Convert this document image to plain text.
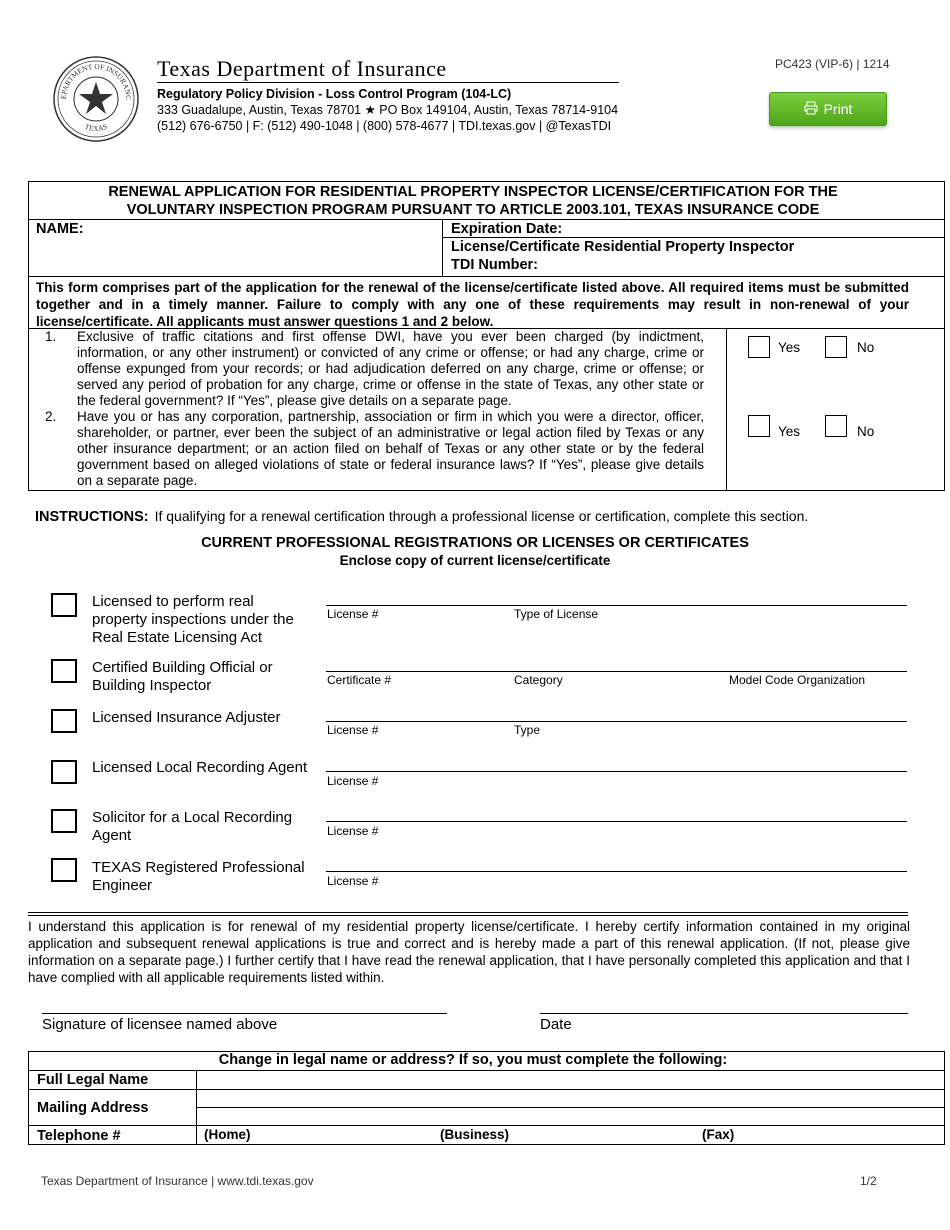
EPARTMENT OF INSURANC
TEXAS
Texas Department of Insurance
Regulatory Policy Division - Loss Control Program (104-LC)
333 Guadalupe, Austin, Texas 78701 ★ PO Box 149104, Austin, Texas 78714-9104
(512) 676-6750 | F: (512) 490-1048 | (800) 578-4677 | TDI.texas.gov | @TexasTDI
PC423 (VIP-6) | 1214
Print
RENEWAL APPLICATION FOR RESIDENTIAL PROPERTY INSPECTOR LICENSE/CERTIFICATION FOR THE
VOLUNTARY INSPECTION PROGRAM PURSUANT TO ARTICLE 2003.101, TEXAS INSURANCE CODE
NAME:	Expiration Date:
License/Certificate Residential Property Inspector
TDI Number:
This form comprises part of the application for the renewal of the license/certificate listed above. All required items must be submitted together and in a timely manner. Failure to comply with any one of these requirements may result in non-renewal of your license/certificate. All applicants must answer questions 1 and 2 below.
1. Exclusive of traffic citations and first offense DWI, have you ever been charged (by indictment, information, or any other instrument) or convicted of any crime or offense; or had any charge, crime or offense expunged from your records; or had adjudication deferred on any charge, crime or offense; or served any period of probation for any charge, crime or offense in the state of Texas, any other state or the federal government? If “Yes”, please give details on a separate page.
Yes	No
2. Have you or has any corporation, partnership, association or firm in which you were a director, officer, shareholder, or partner, ever been the subject of an administrative or legal action filed by Texas or any other insurance department; or an action filed on behalf of Texas or any other state or by the federal government based on alleged violations of state or federal insurance laws? If “Yes”, please give details on a separate page.
Yes	No
INSTRUCTIONS: If qualifying for a renewal certification through a professional license or certification, complete this section.
CURRENT PROFESSIONAL REGISTRATIONS OR LICENSES OR CERTIFICATES
Enclose copy of current license/certificate
Licensed to perform real property inspections under the Real Estate Licensing Act
License #	Type of License
Certified Building Official or Building Inspector	Certificate #	Category	Model Code Organization
Licensed Insurance Adjuster
License #	Type
Licensed Local Recording Agent
License #
Solicitor for a Local Recording Agent	License #
TEXAS Registered Professional Engineer	License #
I understand this application is for renewal of my residential property license/certificate. I hereby certify information contained in my original application and subsequent renewal applications is true and correct and is hereby made a part of this renewal application. (If not, please give information on a separate page.) I further certify that I have read the renewal application, that I have personally completed this application and that I have complied with all applicable requirements listed within.
Signature of licensee named above	Date
Change in legal name or address? If so, you must complete the following:
Full Legal Name
Mailing Address
Telephone #	(Home)	(Business)	(Fax)
Texas Department of Insurance | www.tdi.texas.gov	1/2
